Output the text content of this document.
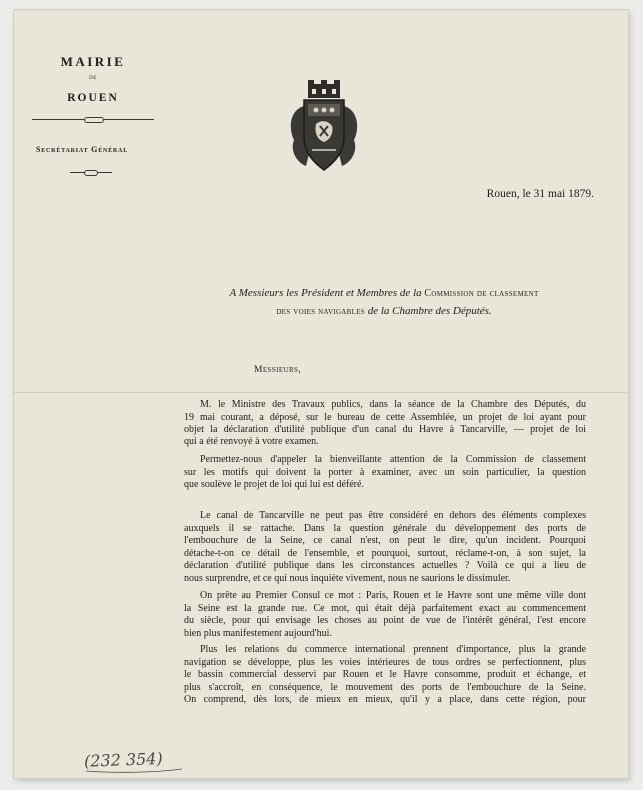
MAIRIE
DE
ROUEN
Secrétariat Général
Rouen, le 31 mai 1879.
A Messieurs les Président et Membres de la Commission de classement
des voies navigables de la Chambre des Députés.
Messieurs,
M. le Ministre des Travaux publics, dans la séance de la Chambre des Députés, du
19 mai courant, a déposé, sur le bureau de cette Assemblée, un projet de loi ayant pour
objet la déclaration d'utilité publique d'un canal du Havre à Tancarville, — projet de loi
qui a été renvoyé à votre examen.
Permettez-nous d'appeler la bienveillante attention de la Commission de classement
sur les motifs qui doivent la porter à examiner, avec un soin particulier, la question
que soulève le projet de loi qui lui est déféré.
Le canal de Tancarville ne peut pas être considéré en dehors des éléments complexes
auxquels il se rattache. Dans la question générale du développement des ports de
l'embouchure de la Seine, ce canal n'est, on peut le dire, qu'un incident. Pourquoi
détache-t-on ce détail de l'ensemble, et pourquoi, surtout, réclame-t-on, à son sujet, la
déclaration d'utilité publique dans les circonstances actuelles ? Voilà ce qui a lieu de
nous surprendre, et ce qui nous inquiète vivement, nous ne saurions le dissimuler.
On prête au Premier Consul ce mot : Paris, Rouen et le Havre sont une même ville dont
la Seine est la grande rue. Ce mot, qui était déjà parfaitement exact au commencement
du siècle, pour qui envisage les choses au point de vue de l'intérêt général, l'est encore
bien plus manifestement aujourd'hui.
Plus les relations du commerce international prennent d'importance, plus la grande
navigation se développe, plus les voies intérieures de tous ordres se perfectionnent, plus
le bassin commercial desservi par Rouen et le Havre consomme, produit et échange, et
plus s'accroît, en conséquence, le mouvement des ports de l'embouchure de la Seine.
On comprend, dès lors, de mieux en mieux, qu'il y a place, dans cette région, pour
(232 354)
